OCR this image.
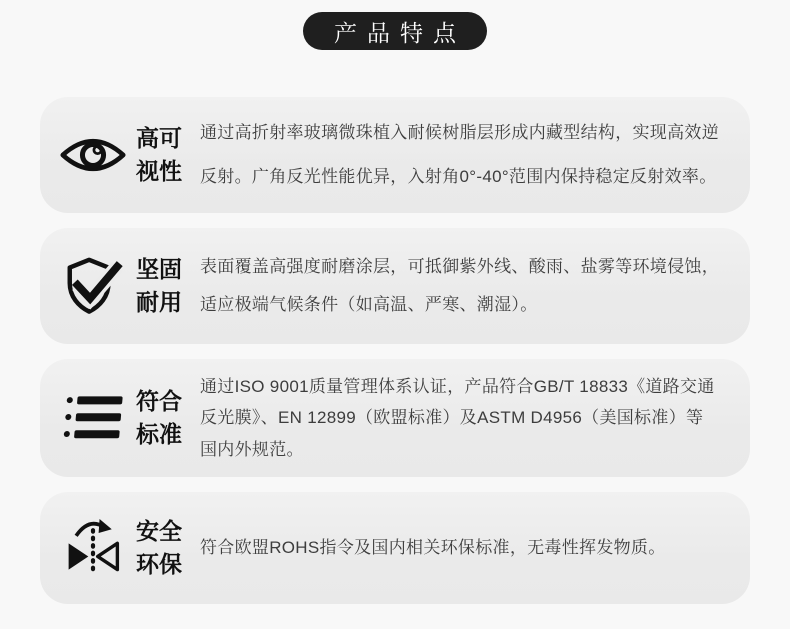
产品特点
高可
视性

通过高折射率玻璃微珠植入耐候树脂层形成内藏型结构，实现高效逆反射。广角反光性能优异，入射角0°-40°范围内保持稳定反射效率。

坚固
耐用

表面覆盖高强度耐磨涂层，可抵御紫外线、酸雨、盐雾等环境侵蚀，适应极端气候条件（如高温、严寒、潮湿）。

符合
标准

通过ISO 9001质量管理体系认证，产品符合GB/T 18833《道路交通反光膜》、EN 12899（欧盟标准）及ASTM D4956（美国标准）等国内外规范。

安全
环保

符合欧盟ROHS指令及国内相关环保标准，无毒性挥发物质。
